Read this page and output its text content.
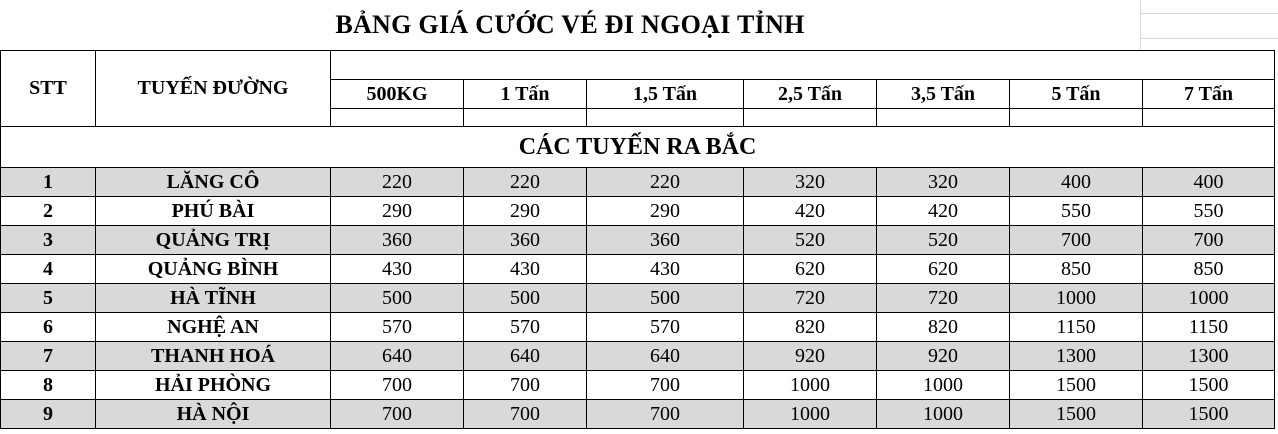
BẢNG GIÁ CƯỚC VÉ ĐI NGOẠI TỈNH
STT	TUYẾN ĐƯỜNG							
		500KG	1 Tấn	1,5 Tấn	2,5 Tấn	3,5 Tấn	5 Tấn	7 Tấn

CÁC TUYẾN RA BẮC								
1	LĂNG CÔ	220	220	220	320	320	400	400
2	PHÚ BÀI	290	290	290	420	420	550	550
3	QUẢNG TRỊ	360	360	360	520	520	700	700
4	QUẢNG BÌNH	430	430	430	620	620	850	850
5	HÀ TĨNH	500	500	500	720	720	1000	1000
6	NGHỆ AN	570	570	570	820	820	1150	1150
7	THANH HOÁ	640	640	640	920	920	1300	1300
8	HẢI PHÒNG	700	700	700	1000	1000	1500	1500
9	HÀ NỘI	700	700	700	1000	1000	1500	1500
